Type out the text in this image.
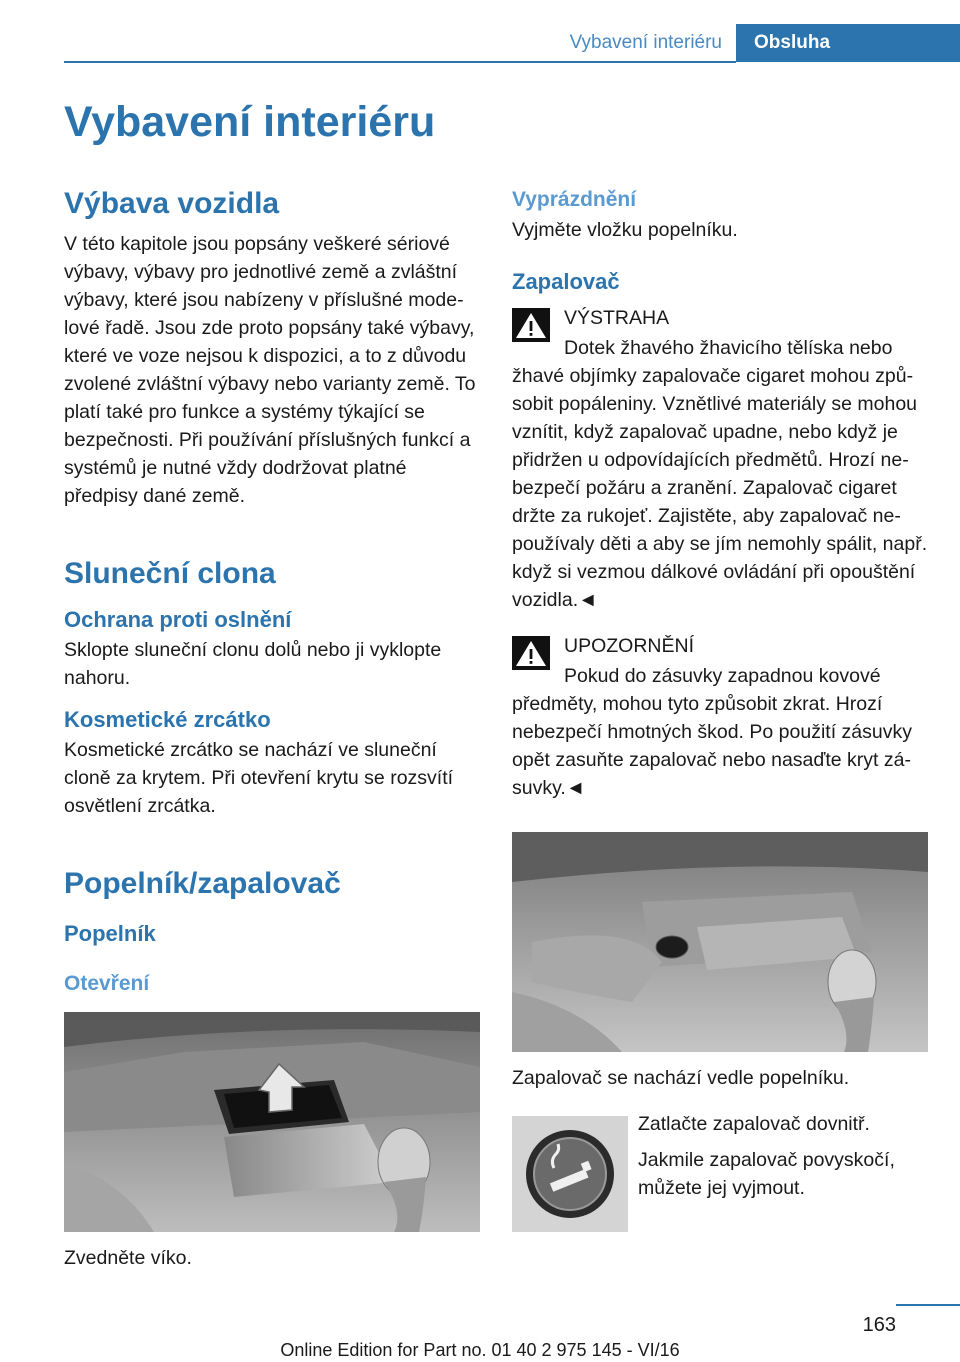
Vybavení interiéru	Obsluha
Vybavení interiéru
Výbava vozidla

V této kapitole jsou popsány veškeré sériové výbavy, výbavy pro jednotlivé země a zvláštní výbavy, které jsou nabízeny v příslušné modelové řadě. Jsou zde proto popsány také výbavy, které ve voze nejsou k dispozici, a to z důvodu zvolené zvláštní výbavy nebo varianty země. To platí také pro funkce a systémy týkající se bezpečnosti. Při používání příslušných funkcí a systémů je nutné vždy dodržovat platné předpisy dané země.

Sluneční clona
Ochrana proti oslnění

Sklopte sluneční clonu dolů nebo ji vyklopte nahoru.

Kosmetické zrcátko

Kosmetické zrcátko se nachází ve sluneční cloně za krytem. Při otevření krytu se rozsvítí osvětlení zrcátka.

Popelník/zapalovač
Popelník
Otevření

Zvedněte víko.

Vyprázdnění

Vyjměte vložku popelníku.

Zapalovač
VÝSTRAHA

Dotek žhavého žhavicího tělíska nebo žhavé objímky zapalovače cigaret mohou způsobit popáleniny. Vznětlivé materiály se mohou vznítit, když zapalovač upadne, nebo když je přidržen u odpovídajících předmětů. Hrozí nebezpečí požáru a zranění. Zapalovač cigaret držte za rukojeť. Zajistěte, aby zapalovač nepoužívaly děti a aby se jím nemohly spálit, např. když si vezmou dálkové ovládání při opouštění vozidla.◄

UPOZORNĚNÍ

Pokud do zásuvky zapadnou kovové předměty, mohou tyto způsobit zkrat. Hrozí nebezpečí hmotných škod. Po použití zásuvky opět zasuňte zapalovač nebo nasaďte kryt zásuvky.◄

Zapalovač se nachází vedle popelníku.

Zatlačte zapalovač dovnitř.

Jakmile zapalovač povyskočí, můžete jej vyjmout.

163
Online Edition for Part no. 01 40 2 975 145 - VI/16
